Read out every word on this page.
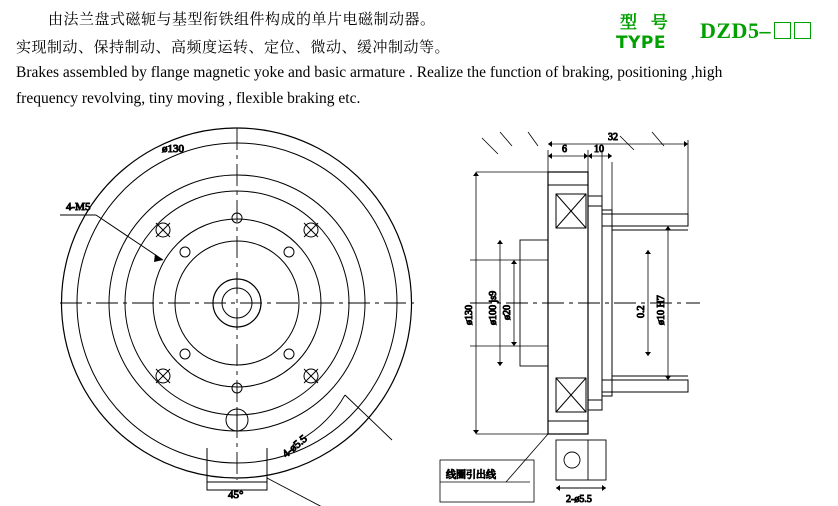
由法兰盘式磁轭与基型衔铁组件构成的单片电磁制动器。
实现制动、保持制动、高频度运转、定位、微动、缓冲制动等。
Brakes assembled by flange magnetic yoke and basic armature . Realize the function of braking, positioning ,high
frequency revolving, tiny moving , flexible braking etc.
型 号
TYPE DZD5–
4-M5
4-ø5.5
45°
ø130	6	10
32
ø130 ø100 js9 ø20	ø10 H7
0.2
线圈引出线
2-ø5.5
